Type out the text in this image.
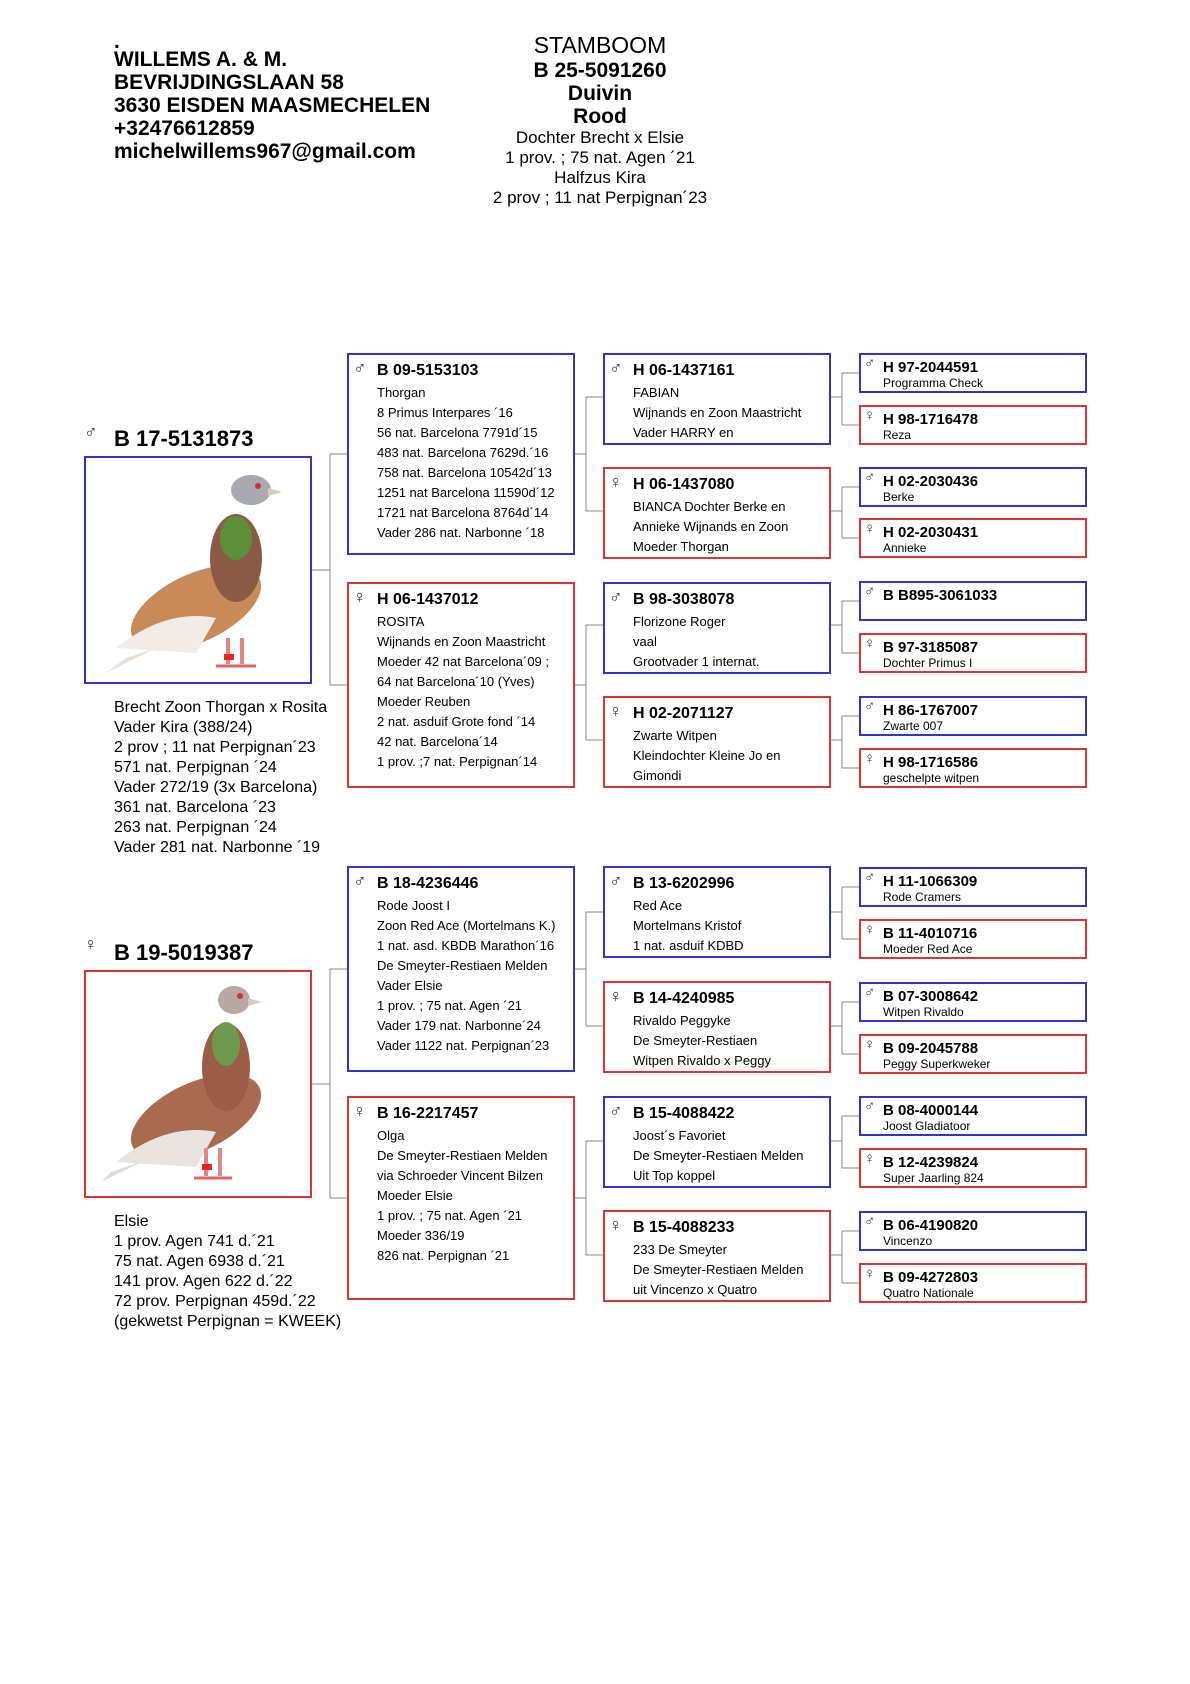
.
WILLEMS A. & M.
BEVRIJDINGSLAAN 58
3630 EISDEN MAASMECHELEN
+32476612859
michelwillems967@gmail.com
STAMBOOM
B 25-5091260
Duivin
Rood
Dochter Brecht x Elsie
1 prov. ; 75 nat. Agen ´21
Halfzus Kira
2 prov ; 11 nat Perpignan´23
♂ B 17-5131873
Brecht Zoon Thorgan x Rosita
Vader Kira (388/24)
2 prov ; 11 nat Perpignan´23
571 nat. Perpignan ´24
Vader 272/19 (3x Barcelona)
361 nat. Barcelona ´23
263 nat. Perpignan ´24
Vader 281 nat. Narbonne ´19
♀ B 19-5019387
Elsie
1 prov. Agen 741 d.´21
75 nat. Agen 6938 d.´21
141 prov. Agen 622 d.´22
72 prov. Perpignan 459d.´22
(gekwetst Perpignan = KWEEK)
♂ B 09-5153103
Thorgan
8 Primus Interpares ´16
56 nat. Barcelona 7791d´15
483 nat. Barcelona 7629d.´16
758 nat. Barcelona 10542d´13
1251 nat Barcelona 11590d´12
1721 nat Barcelona 8764d´14
Vader 286 nat. Narbonne ´18
♀ H 06-1437012
ROSITA
Wijnands en Zoon Maastricht
Moeder 42 nat Barcelona´09 ;
64 nat Barcelona´10 (Yves)
Moeder Reuben
2 nat. asduif Grote fond ´14
42 nat. Barcelona´14
1 prov. ;7 nat. Perpignan´14
♂ B 18-4236446
Rode Joost I
Zoon Red Ace (Mortelmans K.)
1 nat. asd. KBDB Marathon´16
De Smeyter-Restiaen Melden
Vader Elsie
1 prov. ; 75 nat. Agen ´21
Vader 179 nat. Narbonne´24
Vader 1122 nat. Perpignan´23
♀ B 16-2217457
Olga
De Smeyter-Restiaen Melden
via Schroeder Vincent Bilzen
Moeder Elsie
1 prov. ; 75 nat. Agen ´21
Moeder 336/19
826 nat. Perpignan ´21
♂ H 06-1437161
FABIAN
Wijnands en Zoon Maastricht
Vader HARRY en
♀ H 06-1437080
BIANCA Dochter Berke en
Annieke Wijnands en Zoon
Moeder Thorgan
♂ B 98-3038078
Florizone Roger
vaal
Grootvader 1 internat.
♀ H 02-2071127
Zwarte Witpen
Kleindochter Kleine Jo en
Gimondi
♂ B 13-6202996
Red Ace
Mortelmans Kristof
1 nat. asduif KDBD
♀ B 14-4240985
Rivaldo Peggyke
De Smeyter-Restiaen
Witpen Rivaldo x Peggy
♂ B 15-4088422
Joost´s Favoriet
De Smeyter-Restiaen Melden
Uit Top koppel
♀ B 15-4088233
233 De Smeyter
De Smeyter-Restiaen Melden
uit Vincenzo x Quatro
♂ H 97-2044591
Programma Check
♀ H 98-1716478
Reza
♂ H 02-2030436
Berke
♀ H 02-2030431
Annieke
♂ B B895-3061033
♀ B 97-3185087
Dochter Primus I
♂ H 86-1767007
Zwarte 007
♀ H 98-1716586
geschelpte witpen
♂ H 11-1066309
Rode Cramers
♀ B 11-4010716
Moeder Red Ace
♂ B 07-3008642
Witpen Rivaldo
♀ B 09-2045788
Peggy Superkweker
♂ B 08-4000144
Joost Gladiatoor
♀ B 12-4239824
Super Jaarling 824
♂ B 06-4190820
Vincenzo
♀ B 09-4272803
Quatro Nationale
